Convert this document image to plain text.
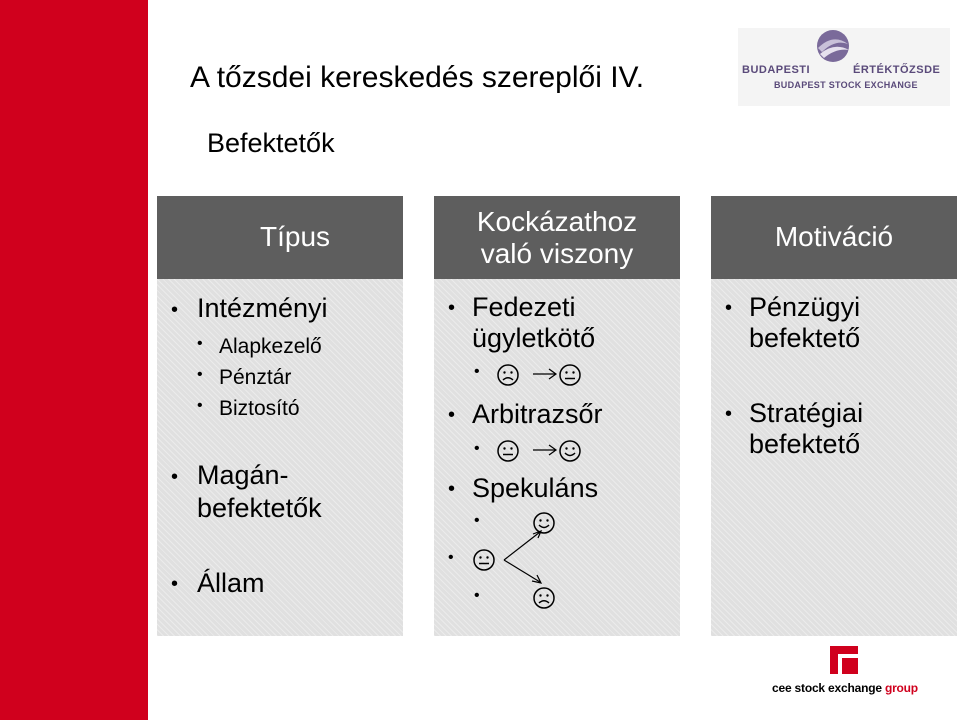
A tőzsdei kereskedés szereplői IV.
Befektetők
BUDAPESTI	ÉRTÉKTŐZSDE
BUDAPEST STOCK EXCHANGE
Típus
• Intézményi
• Alapkezelő
• Pénztár
• Biztosító
• Magán-
befektetők
• Állam
Kockázathoz
való viszony
• Fedezeti
ügyletkötő
•
• Arbitrazsőr
•
• Spekuláns
•
•
•
Motiváció
• Pénzügyi
befektető
• Stratégiai
befektető
cee stock exchange group
